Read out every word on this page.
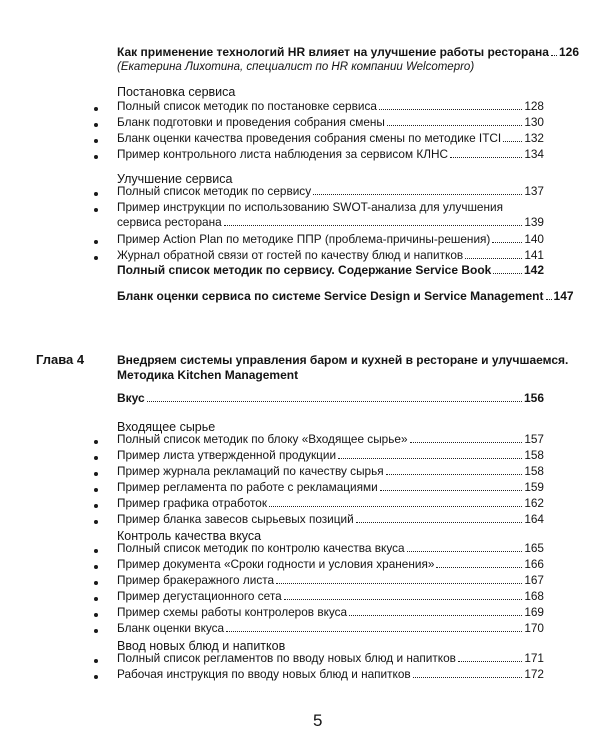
Как применение технологий HR влияет на улучшение работы ресторана 126
(Екатерина Лихотина, специалист по HR компании Welcomepro)
Постановка сервиса
Полный список методик по постановке сервиса	128
Бланк подготовки и проведения собрания смены	130
Бланк оценки качества проведения собрания смены по методике ITCI 132
Пример контрольного листа наблюдения за сервисом КЛНС	134
Улучшение сервиса
Полный список методик по сервису	137
Пример инструкции по использованию SWOT-анализа для улучшения
сервиса ресторана	139
Пример Action Plan по методике ППР (проблема-причины-решения)	140
Журнал обратной связи от гостей по качеству блюд и напитков	141
Полный список методик по сервису. Содержание Service Book	142
Бланк оценки сервиса по системе Service Design и Service Management 147
Глава 4	Внедряем системы управления баром и кухней в ресторане и улучшаемся.
Методика Kitchen Management
Вкус	156
Входящее сырье
Полный список методик по блоку «Входящее сырье»	157
Пример листа утвержденной продукции	158
Пример журнала рекламаций по качеству сырья	158
Пример регламента по работе с рекламациями	159
Пример графика отработок	162
Пример бланка завесов сырьевых позиций	164
Контроль качества вкуса
Полный список методик по контролю качества вкуса	165
Пример документа «Сроки годности и условия хранения»	166
Пример бракеражного листа	167
Пример дегустационного сета	168
Пример схемы работы контролеров вкуса	169
Бланк оценки вкуса	170
Ввод новых блюд и напитков
Полный список регламентов по вводу новых блюд и напитков	171
Рабочая инструкция по вводу новых блюд и напитков	172
5
